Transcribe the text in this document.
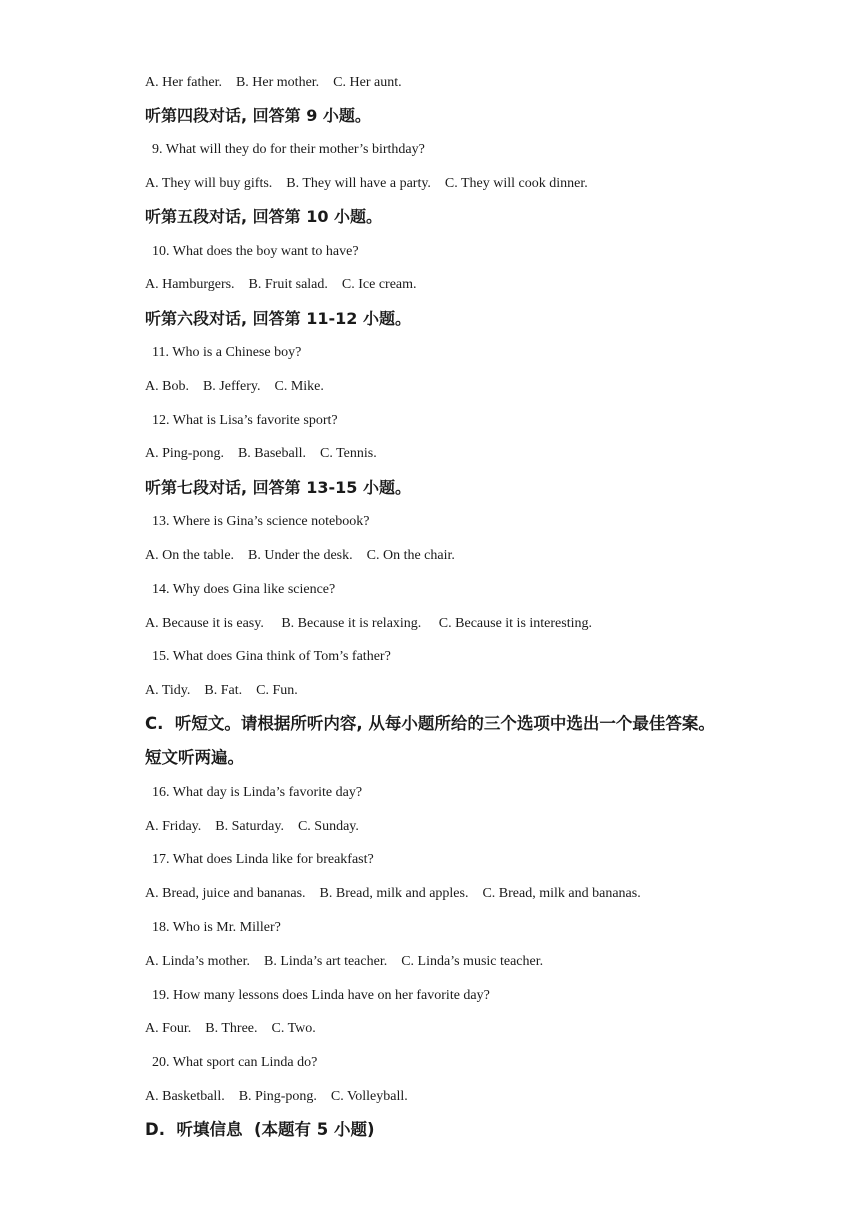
A. Her father.    B. Her mother.    C. Her aunt.
听第四段对话, 回答第 9 小题。
9. What will they do for their mother’s birthday?
A. They will buy gifts.    B. They will have a party.    C. They will cook dinner.
听第五段对话, 回答第 10 小题。
10. What does the boy want to have?
A. Hamburgers.    B. Fruit salad.    C. Ice cream.
听第六段对话, 回答第 11-12 小题。
11. Who is a Chinese boy?
A. Bob.    B. Jeffery.    C. Mike.
12. What is Lisa’s favorite sport?
A. Ping-pong.    B. Baseball.    C. Tennis.
听第七段对话, 回答第 13-15 小题。
13. Where is Gina’s science notebook?
A. On the table.    B. Under the desk.    C. On the chair.
14. Why does Gina like science?
A. Because it is easy.     B. Because it is relaxing.     C. Because it is interesting.
15. What does Gina think of Tom’s father?
A. Tidy.    B. Fat.    C. Fun.
C.  听短文。请根据所听内容, 从每小题所给的三个选项中选出一个最佳答案。
短文听两遍。
16. What day is Linda’s favorite day?
A. Friday.    B. Saturday.    C. Sunday.
17. What does Linda like for breakfast?
A. Bread, juice and bananas.    B. Bread, milk and apples.    C. Bread, milk and bananas.
18. Who is Mr. Miller?
A. Linda’s mother.    B. Linda’s art teacher.    C. Linda’s music teacher.
19. How many lessons does Linda have on her favorite day?
A. Four.    B. Three.    C. Two.
20. What sport can Linda do?
A. Basketball.    B. Ping-pong.    C. Volleyball.
D.  听填信息  (本题有 5 小题)
